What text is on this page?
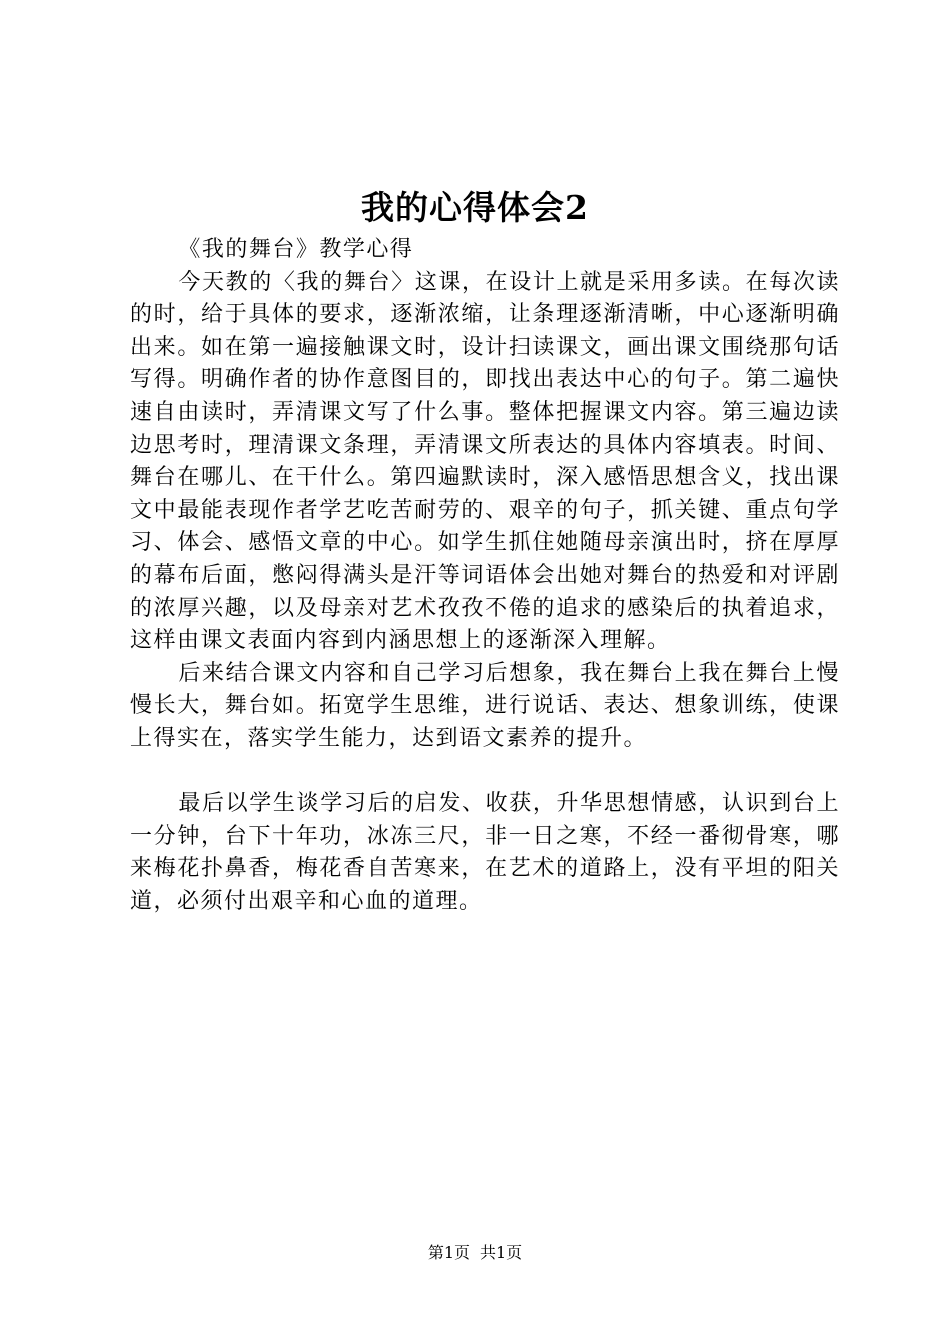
我的心得体会2

《我的舞台》教学心得

今天教的〈我的舞台〉这课，在设计上就是采用多读。在每次读的时，给于具体的要求，逐渐浓缩，让条理逐渐清晰，中心逐渐明确出来。如在第一遍接触课文时，设计扫读课文，画出课文围绕那句话写得。明确作者的协作意图目的，即找出表达中心的句子。第二遍快速自由读时，弄清课文写了什么事。整体把握课文内容。第三遍边读边思考时，理清课文条理，弄清课文所表达的具体内容填表。时间、舞台在哪儿、在干什么。第四遍默读时，深入感悟思想含义，找出课文中最能表现作者学艺吃苦耐劳的、艰辛的句子，抓关键、重点句学习、体会、感悟文章的中心。如学生抓住她随母亲演出时，挤在厚厚的幕布后面，憋闷得满头是汗等词语体会出她对舞台的热爱和对评剧的浓厚兴趣，以及母亲对艺术孜孜不倦的追求的感染后的执着追求，这样由课文表面内容到内涵思想上的逐渐深入理解。

后来结合课文内容和自己学习后想象，我在舞台上我在舞台上慢慢长大，舞台如。拓宽学生思维，进行说话、表达、想象训练，使课上得实在，落实学生能力，达到语文素养的提升。

最后以学生谈学习后的启发、收获，升华思想情感，认识到台上一分钟，台下十年功，冰冻三尺，非一日之寒，不经一番彻骨寒，哪来梅花扑鼻香，梅花香自苦寒来，在艺术的道路上，没有平坦的阳关道，必须付出艰辛和心血的道理。

第1页 共1页
